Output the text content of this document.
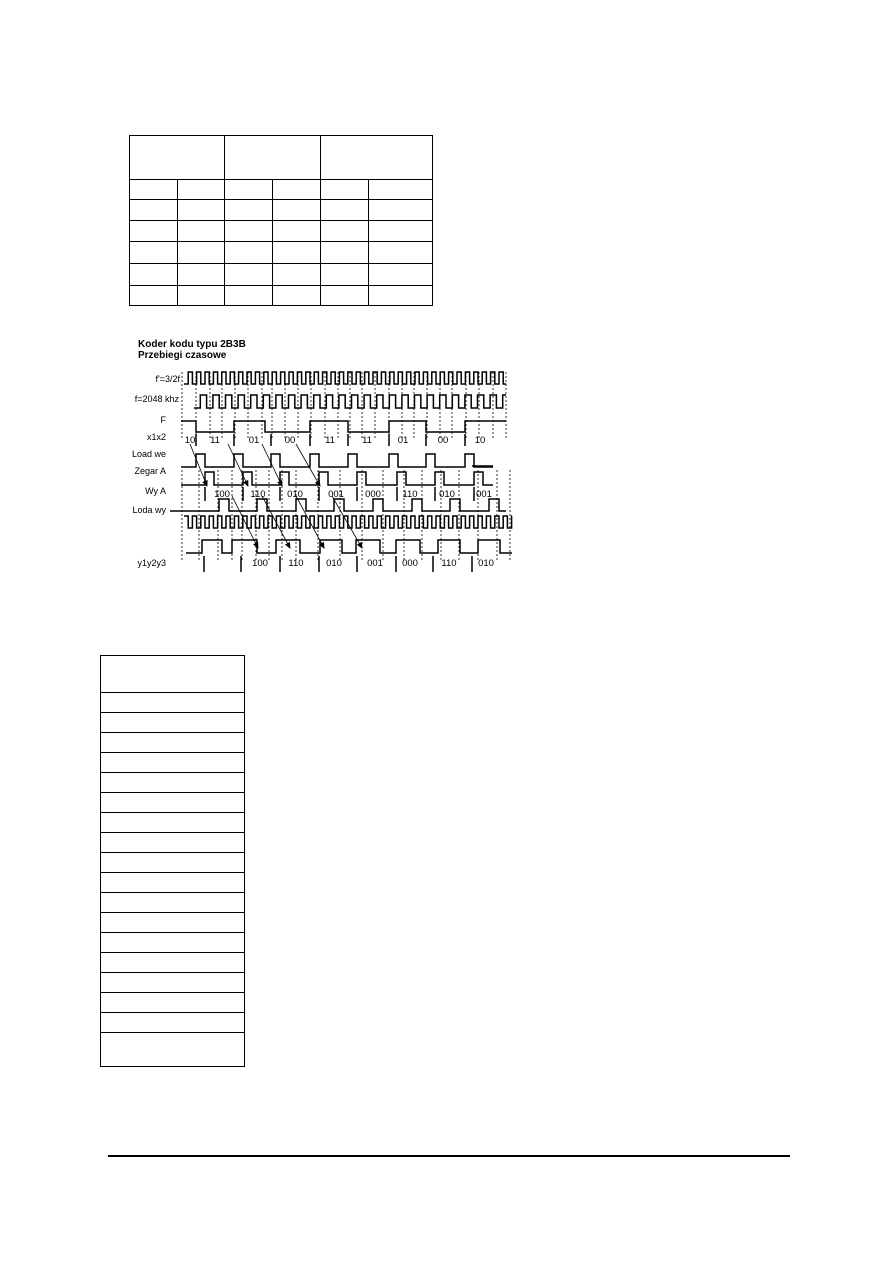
Koder kodu typu 2B3B
Przebiegi czasowe
f'=3/2f
f=2048 khz
F
x1x2
Load we
Zegar A
Wy A
Loda wy
y1y2y3
10 11	01	00	11	11	01	00	10
100 110 010	001 000 110 010 001
100 110 010	001 000 110 010
